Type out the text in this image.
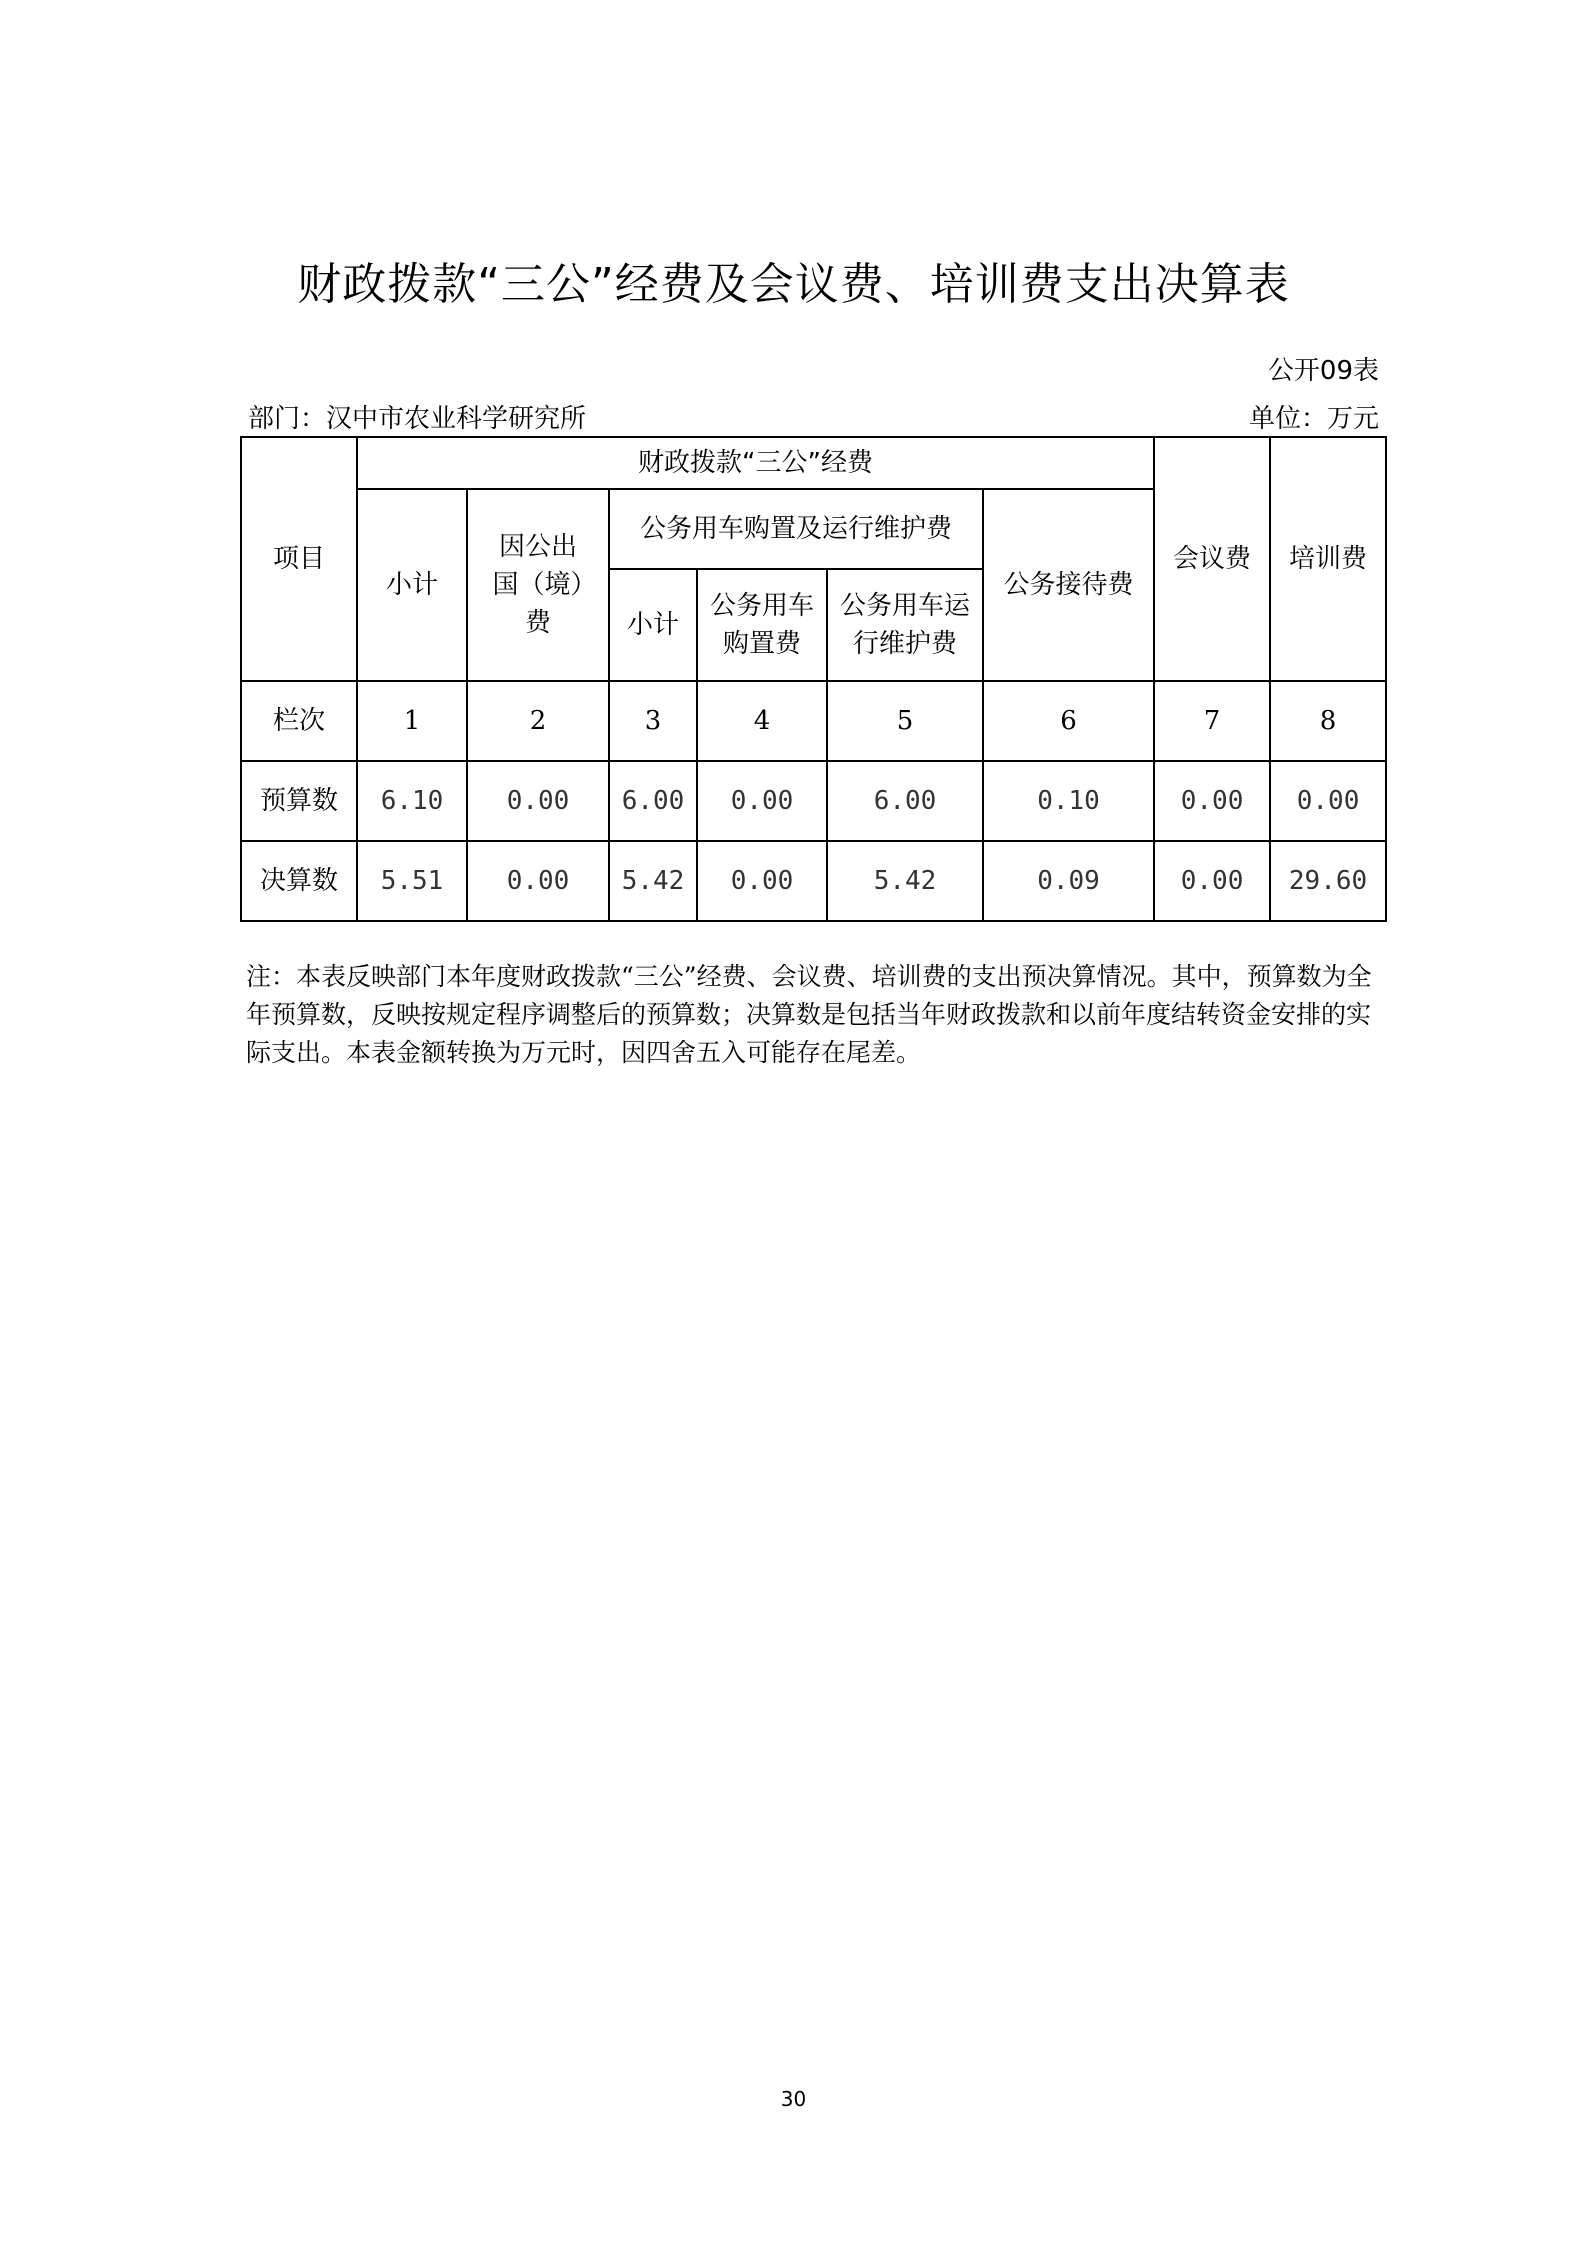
财政拨款“三公”经费及会议费、培训费支出决算表
公开09表
部门：汉中市农业科学研究所	单位：万元
项目	财政拨款“三公”经费						会议费	培训费
	小计	因公出国（境）费	公务用车购置及运行维护费			公务接待费		
			小计	公务用车购置费	公务用车运行维护费			
栏次	1	2	3	4	5	6	7	8
预算数	6.10	0.00	6.00	0.00	6.00	0.10	0.00	0.00
决算数	5.51	0.00	5.42	0.00	5.42	0.09	0.00	29.60
注：本表反映部门本年度财政拨款“三公”经费、会议费、培训费的支出预决算情况。其中，预算数为全年预算数，反映按规定程序调整后的预算数；决算数是包括当年财政拨款和以前年度结转资金安排的实际支出。本表金额转换为万元时，因四舍五入可能存在尾差。
30
